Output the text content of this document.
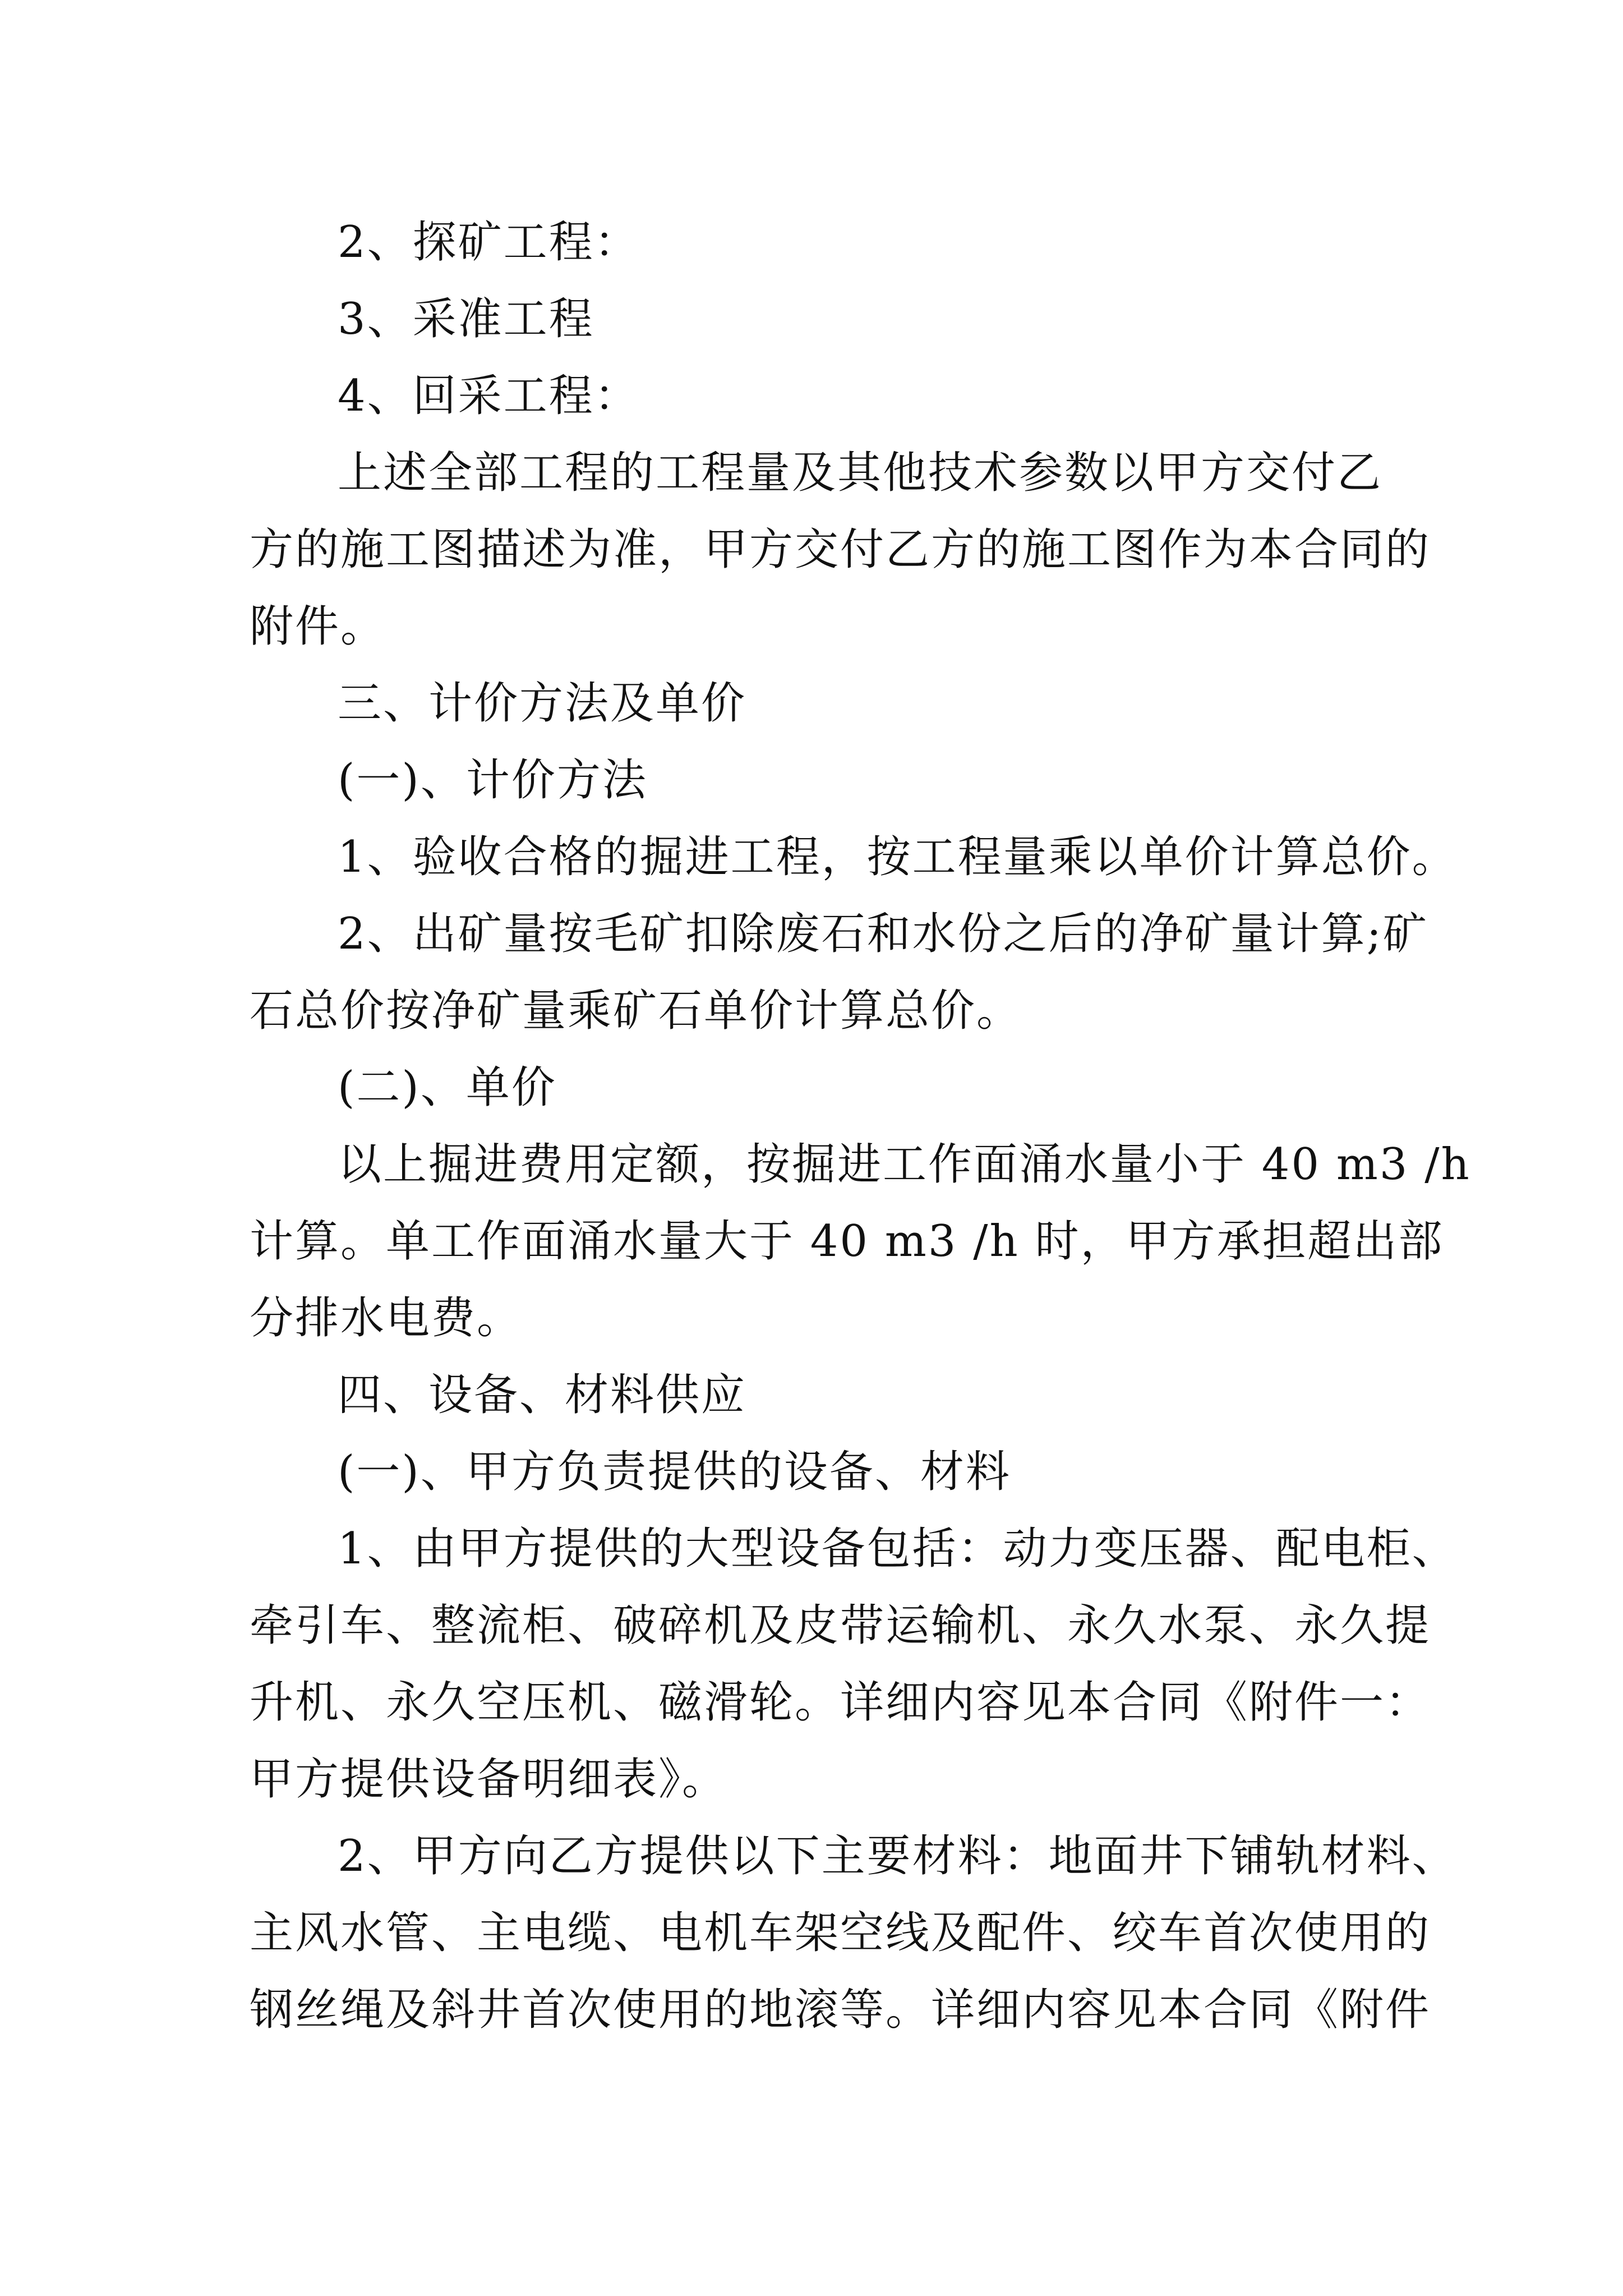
2、探矿工程：
3、采准工程
4、回采工程：
上述全部工程的工程量及其他技术参数以甲方交付乙
方的施工图描述为准，甲方交付乙方的施工图作为本合同的
附件。
三、计价方法及单价
(一)、计价方法
1、验收合格的掘进工程，按工程量乘以单价计算总价。
2、出矿量按毛矿扣除废石和水份之后的净矿量计算;矿
石总价按净矿量乘矿石单价计算总价。
(二)、单价
以上掘进费用定额，按掘进工作面涌水量小于 40 m3 /h
计算。单工作面涌水量大于 40 m3 /h 时，甲方承担超出部
分排水电费。
四、设备、材料供应
(一)、甲方负责提供的设备、材料
1、由甲方提供的大型设备包括：动力变压器、配电柜、
牵引车、整流柜、破碎机及皮带运输机、永久水泵、永久提
升机、永久空压机、磁滑轮。详细内容见本合同《附件一：
甲方提供设备明细表》。
2、甲方向乙方提供以下主要材料：地面井下铺轨材料、
主风水管、主电缆、电机车架空线及配件、绞车首次使用的
钢丝绳及斜井首次使用的地滚等。详细内容见本合同《附件
